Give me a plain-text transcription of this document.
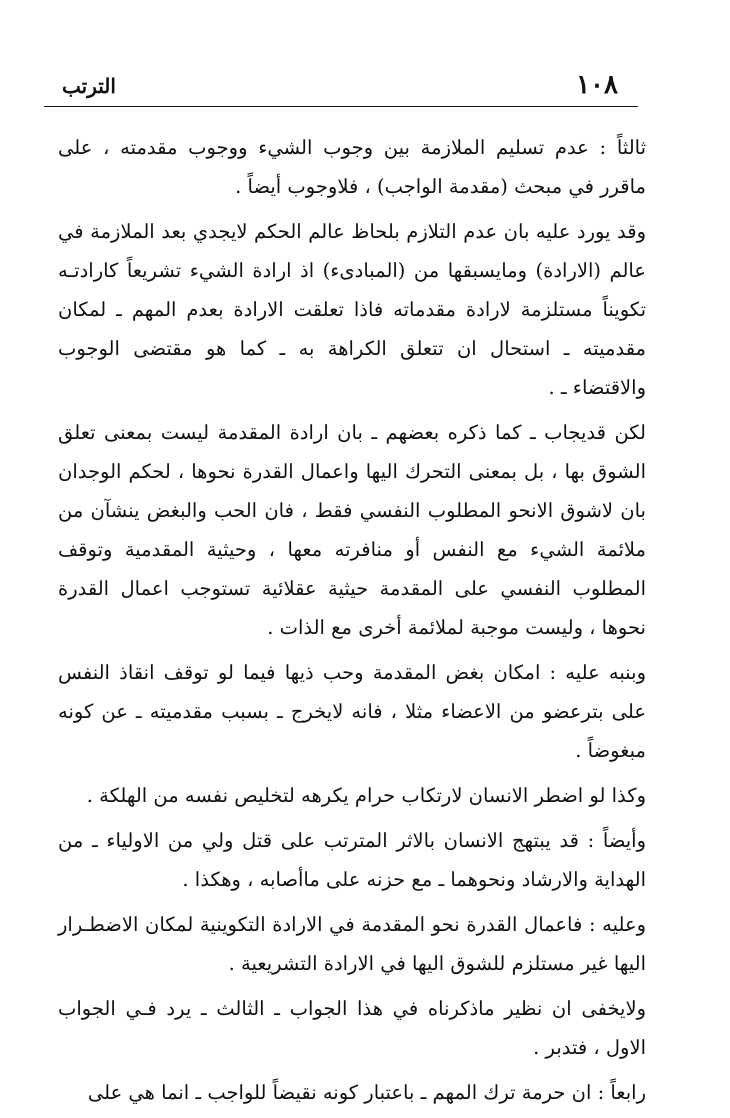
١٠٨
الترتب

ثالثاً : عدم تسليم الملازمة بين وجوب الشيء ووجوب مقدمته ، على ماقرر في مبحث (مقدمة الواجب) ، فلاوجوب أيضاً .

وقد يورد عليه بان عدم التلازم بلحاظ عالم الحكم لايجدي بعد الملازمة في عالم (الارادة) ومايسبقها من (المبادىء) اذ ارادة الشيء تشريعاً كارادتـه تكويناً مستلزمة لارادة مقدماته فاذا تعلقت الارادة بعدم المهم ـ لمكان مقدميته ـ استحال ان تتعلق الكراهة به ـ كما هو مقتضى الوجوب والاقتضاء ـ .

لكن قديجاب ـ كما ذكره بعضهم ـ بان ارادة المقدمة ليست بمعنى تعلق الشوق بها ، بل بمعنى التحرك اليها واعمال القدرة نحوها ، لحكم الوجدان بان لاشوق الانحو المطلوب النفسي فقط ، فان الحب والبغض ينشآن من ملائمة الشيء مع النفس أو منافرته معها ، وحيثية المقدمية وتوقف المطلوب النفسي على المقدمة حيثية عقلائية تستوجب اعمال القدرة نحوها ، وليست موجبة لملائمة أخرى مع الذات .

وبنبه عليه : امكان بغض المقدمة وحب ذيها فيما لو توقف انقاذ النفس على بترعضو من الاعضاء مثلا ، فانه لايخرج ـ بسبب مقدميته ـ عن كونه مبغوضاً .

وكذا لو اضطر الانسان لارتكاب حرام يكرهه لتخليص نفسه من الهلكة .

وأيضاً : قد يبتهج الانسان بالاثر المترتب على قتل ولي من الاولياء ـ من الهداية والارشاد ونحوهما ـ مع حزنه على ماأصابه ، وهكذا .

وعليه : فاعمال القدرة نحو المقدمة في الارادة التكوينية لمكان الاضطـرار اليها غير مستلزم للشوق اليها في الارادة التشريعية .

ولايخفى ان نظير ماذكرناه في هذا الجواب ـ الثالث ـ يرد فـي الجواب الاول ، فتدبر .

رابعاً : ان حرمة ترك المهم ـ باعتبار كونه نقيضاً للواجب ـ انما هي على
